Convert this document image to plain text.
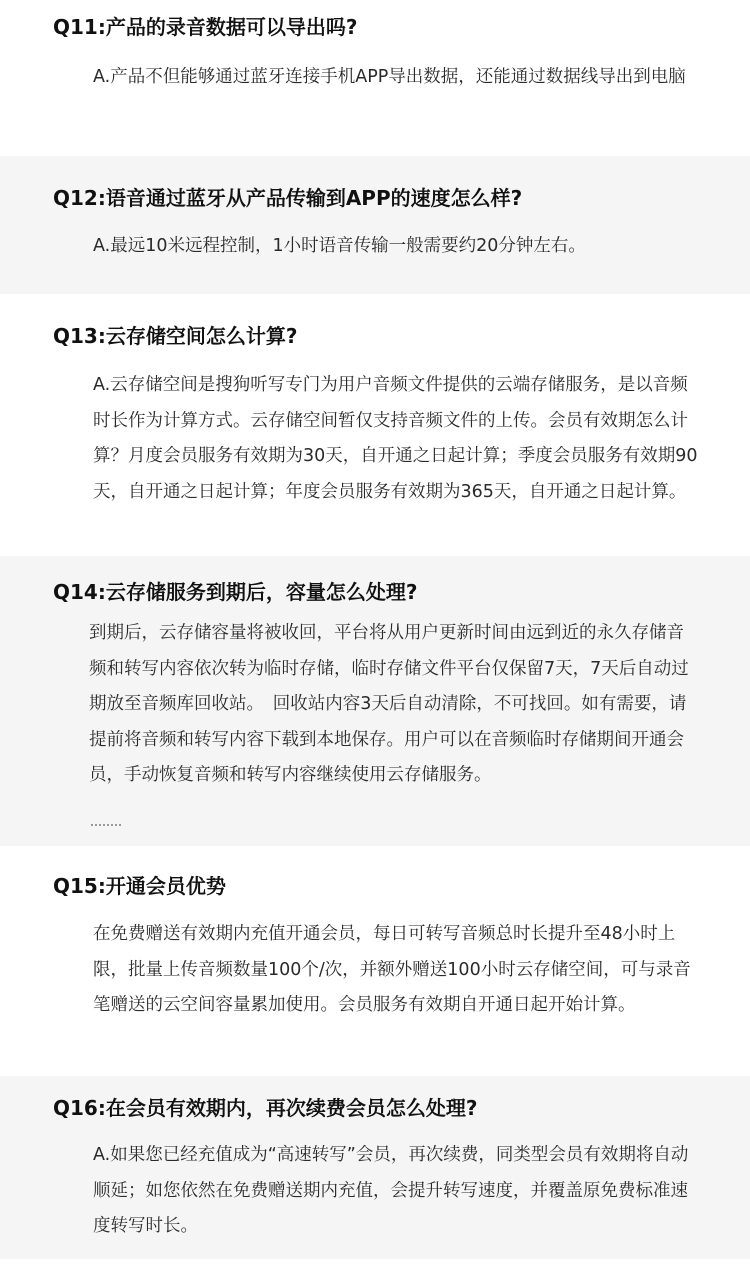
Q11:产品的录音数据可以导出吗?

A.产品不但能够通过蓝牙连接手机APP导出数据，还能通过数据线导出到电脑

Q12:语音通过蓝牙从产品传输到APP的速度怎么样?

A.最远10米远程控制，1小时语音传输一般需要约20分钟左右。

Q13:云存储空间怎么计算?

A.云存储空间是搜狗听写专门为用户音频文件提供的云端存储服务，是以音频时长作为计算方式。云存储空间暂仅支持音频文件的上传。会员有效期怎么计算？月度会员服务有效期为30天，自开通之日起计算；季度会员服务有效期90天，自开通之日起计算；年度会员服务有效期为365天，自开通之日起计算。

Q14:云存储服务到期后，容量怎么处理?

到期后，云存储容量将被收回，平台将从用户更新时间由远到近的永久存储音频和转写内容依次转为临时存储，临时存储文件平台仅保留7天，7天后自动过期放至音频库回收站。　回收站内容3天后自动清除，不可找回。如有需要，请提前将音频和转写内容下载到本地保存。用户可以在音频临时存储期间开通会员，手动恢复音频和转写内容继续使用云存储服务。

Q15:开通会员优势

在免费赠送有效期内充值开通会员，每日可转写音频总时长提升至48小时上限，批量上传音频数量100个/次，并额外赠送100小时云存储空间，可与录音笔赠送的云空间容量累加使用。会员服务有效期自开通日起开始计算。

Q16:在会员有效期内，再次续费会员怎么处理?

A.如果您已经充值成为“高速转写”会员，再次续费，同类型会员有效期将自动顺延；如您依然在免费赠送期内充值，会提升转写速度，并覆盖原免费标准速度转写时长。
